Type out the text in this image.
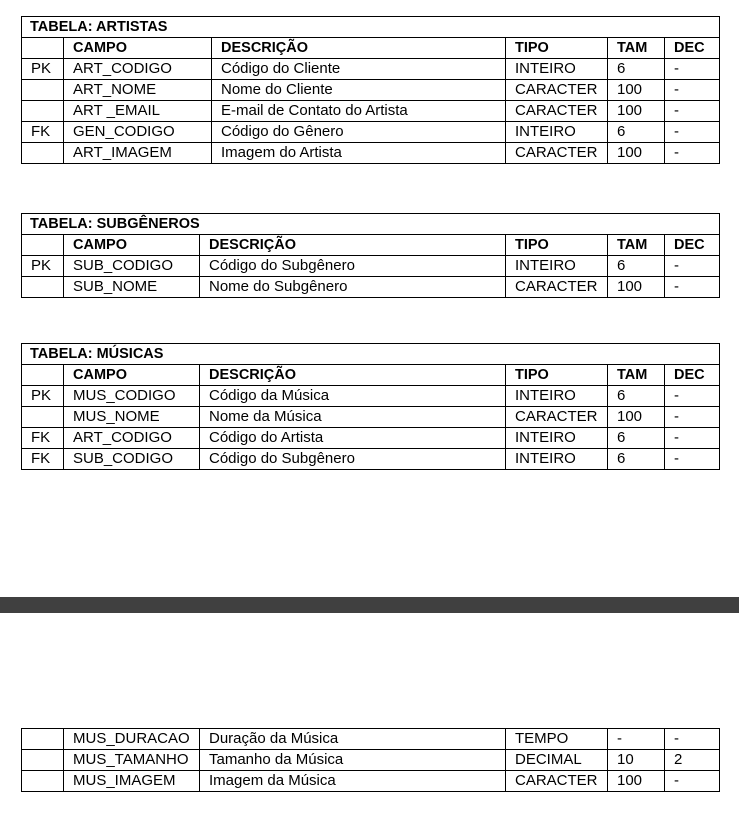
TABELA: ARTISTAS					
	CAMPO	DESCRIÇÃO	TIPO	TAM	DEC
PK	ART_CODIGO	Código do Cliente	INTEIRO	6	-
	ART_NOME	Nome do Cliente	CARACTER	100	-
	ART _EMAIL	E-mail de Contato do Artista	CARACTER	100	-
FK	GEN_CODIGO	Código do Gênero	INTEIRO	6	-
	ART_IMAGEM	Imagem do Artista	CARACTER	100	-
TABELA: SUBGÊNEROS					
	CAMPO	DESCRIÇÃO	TIPO	TAM	DEC
PK	SUB_CODIGO	Código do Subgênero	INTEIRO	6	-
	SUB_NOME	Nome do Subgênero	CARACTER	100	-
TABELA: MÚSICAS					
	CAMPO	DESCRIÇÃO	TIPO	TAM	DEC
PK	MUS_CODIGO	Código da Música	INTEIRO	6	-
	MUS_NOME	Nome da Música	CARACTER	100	-
FK	ART_CODIGO	Código do Artista	INTEIRO	6	-
FK	SUB_CODIGO	Código do Subgênero	INTEIRO	6	-
	MUS_DURACAO	Duração da Música	TEMPO	-	-
	MUS_TAMANHO	Tamanho da Música	DECIMAL	10	2
	MUS_IMAGEM	Imagem da Música	CARACTER	100	-
